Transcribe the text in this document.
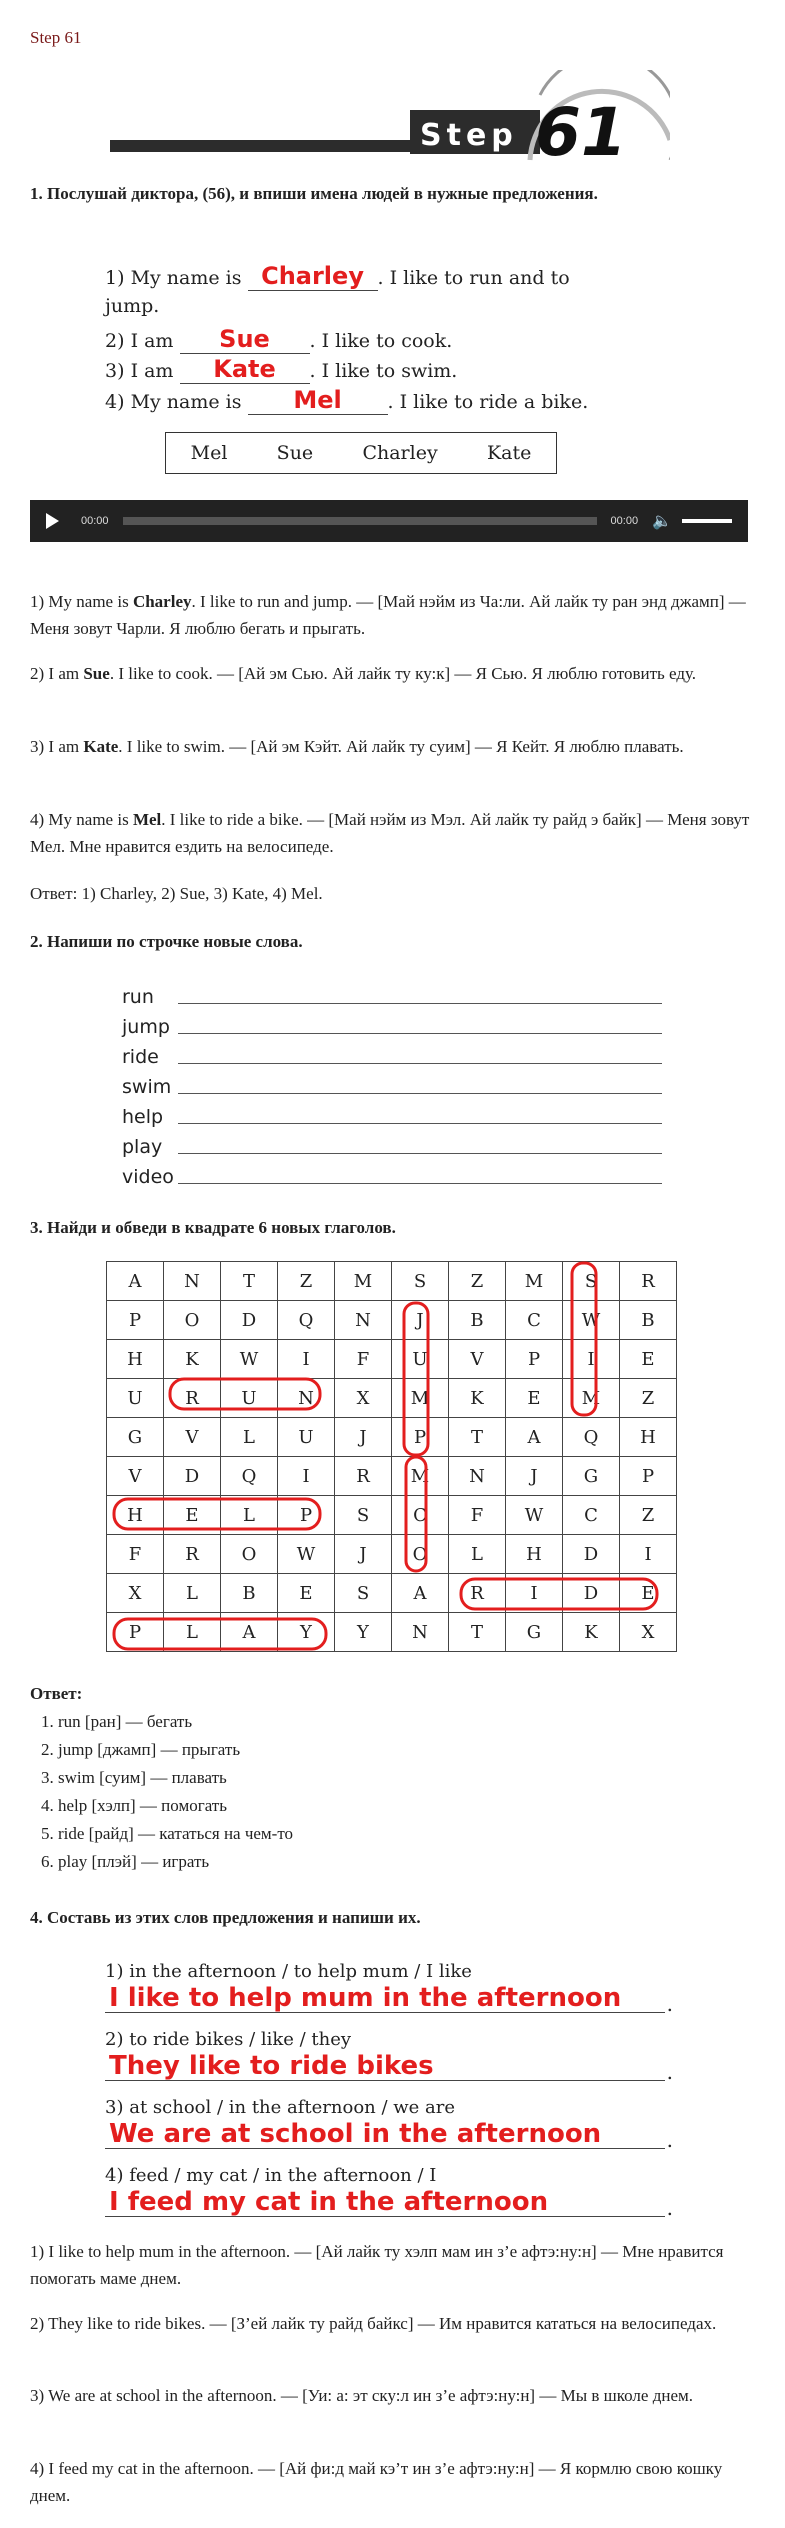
Step 61
Step 61
1. Послушай диктора, (56), и впиши имена людей в нужные предложения.
1) My name is Charley . I like to run and to
jump.
2) I am Sue . I like to cook.
3) I am Kate . I like to swim.
4) My name is Mel . I like to ride a bike.
Mel	Sue	Charley	Kate
00:00	00:00 🔈
1) My name is Charley. I like to run and jump. — [Май нэйм из Ча:ли. Ай лайк ту ран энд джамп] — Меня зовут Чарли. Я люблю бегать и прыгать.
2) I am Sue. I like to cook. — [Ай эм Сью. Ай лайк ту ку:к] — Я Сью. Я люблю готовить еду.
3) I am Kate. I like to swim. — [Ай эм Кэйт. Ай лайк ту суим] — Я Кейт. Я люблю плавать.
4) My name is Mel. I like to ride a bike. — [Май нэйм из Мэл. Ай лайк ту райд э байк] — Меня зовут Мел. Мне нравится ездить на велосипеде.
Ответ: 1) Charley, 2) Sue, 3) Kate, 4) Mel.
2. Напиши по строчке новые слова.
run
jump
ride
swim
help
play
video
3. Найди и обведи в квадрате 6 новых глаголов.
A	N	T	Z	M	S	Z	M	S	R
P	O	D	Q	N	J	B	C	W	B
H	K	W	I	F	U	V	P	I	E
U	R	U	N	X	M	K	E	M	Z
G	V	L	U	J	P	T	A	Q	H
V	D	Q	I	R	M	N	J	G	P
H	E	L	P	S	C	F	W	C	Z
F	R	O	W	J	O	L	H	D	I
X	L	B	E	S	A	R	I	D	E
P	L	A	Y	Y	N	T	G	K	X
Ответ:
1. run [ран] — бегать
2. jump [джамп] — прыгать
3. swim [суим] — плавать
4. help [хэлп] — помогать
5. ride [райд] — кататься на чем-то
6. play [плэй] — играть
4. Составь из этих слов предложения и напиши их.
1) in the afternoon / to help mum / I like
I like to help mum in the afternoon .
2) to ride bikes / like / they
They like to ride bikes .
3) at school / in the afternoon / we are
We are at school in the afternoon .
4) feed / my cat / in the afternoon / I
I feed my cat in the afternoon .
1) I like to help mum in the afternoon. — [Ай лайк ту хэлп мам ин з’е афтэ:ну:н] — Мне нравится помогать маме днем.
2) They like to ride bikes. — [З’ей лайк ту райд байкс] — Им нравится кататься на велосипедах.
3) We are at school in the afternoon. — [Уи: а: эт ску:л ин з’е афтэ:ну:н] — Мы в школе днем.
4) I feed my cat in the afternoon. — [Ай фи:д май кэ’т ин з’е афтэ:ну:н] — Я кормлю свою кошку днем.
